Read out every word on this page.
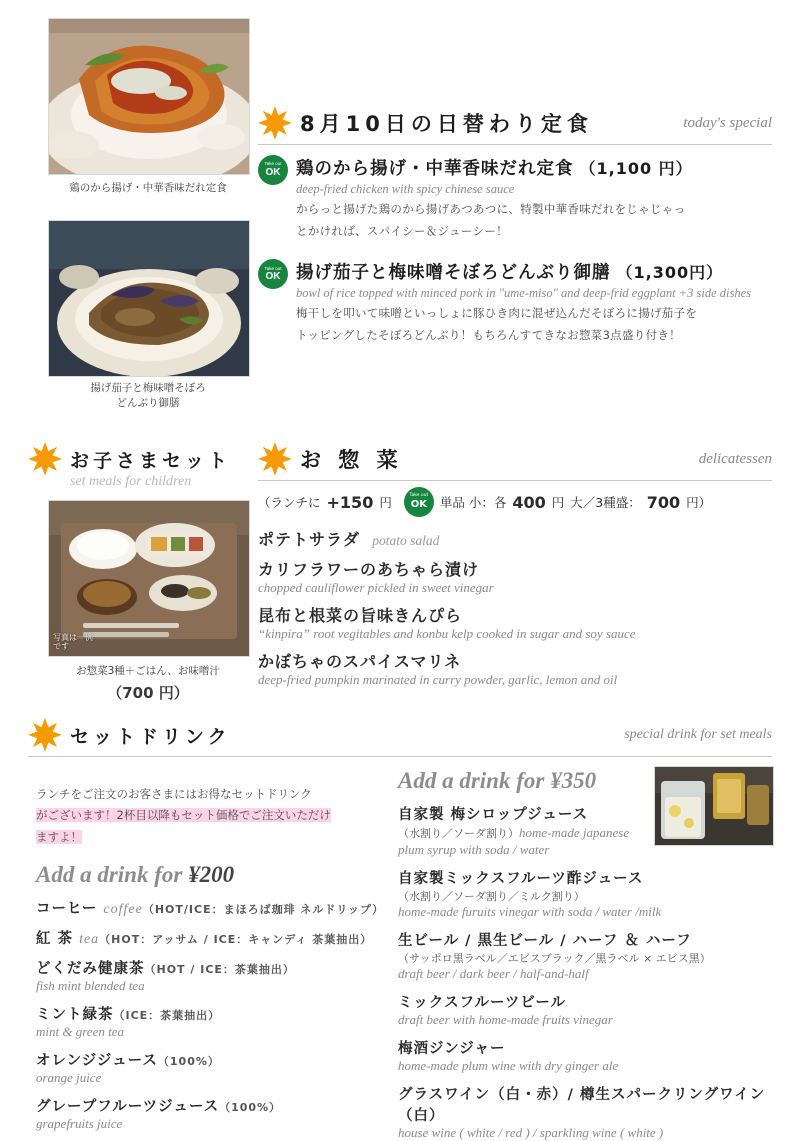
鶏のから揚げ・中華香味だれ定食
揚げ茄子と梅味噌そぼろ
どんぶり御膳
8月10日の日替わり定食	today's special
Take out
OK 鶏のから揚げ・中華香味だれ定食 （1,100 円）
deep-fried chicken with spicy chinese sauce
からっと揚げた鶏のから揚げあつあつに、特製中華香味だれをじゃじゃっ
とかければ、スパイシー＆ジューシー！
Take out
OK 揚げ茄子と梅味噌そぼろどんぶり御膳 （1,300円）
bowl of rice topped with minced pork in "ume-miso" and deep-frid eggplant +3 side dishes
梅干しを叩いて味噌といっしょに豚ひき肉に混ぜ込んだそぼろに揚げ茄子を
トッピングしたそぼろどんぶり！もちろんすてきなお惣菜3点盛り付き！
お子さまセット
set meals for children
写真は一例
です
お惣菜3種＋ごはん、お味噌汁
（700 円）
お 惣 菜	delicatessen
（ランチに +150 円	Take out
OK 単品 小：各 400 円 大／3種盛： 700 円）
ポテトサラダ potato salad
カリフラワーのあちゃら漬け
chopped cauliflower pickled in sweet vinegar
昆布と根菜の旨味きんぴら
“kinpira” root vegitables and konbu kelp cooked in sugar and soy sauce
かぼちゃのスパイスマリネ
deep-fried pumpkin marinated in curry powder, garlic, lemon and oil
セットドリンク	special drink for set meals
ランチをご注文のお客さまにはお得なセットドリンク
がございます！2杯目以降もセット価格でご注文いただけ
ますよ！
Add a drink for ¥200
コーヒー coffee（HOT/ICE：まほろば珈琲 ネルドリップ）
紅 茶 tea（HOT：アッサム / ICE：キャンディ 茶葉抽出）
どくだみ健康茶（HOT / ICE：茶葉抽出）
fish mint blended tea
ミント緑茶（ICE：茶葉抽出）
mint & green tea
オレンジジュース（100%）
orange juice
グレープフルーツジュース（100%）
grapefruits juice
Add a drink for ¥350
自家製 梅シロップジュース
（水割り／ソーダ割り）home-made japanese
plum syrup with soda / water
自家製ミックスフルーツ酢ジュース
（水割り／ソーダ割り／ミルク割り）
home-made furuits vinegar with soda / water /milk
生ビール / 黒生ビール / ハーフ ＆ ハーフ
（サッポロ黒ラベル／エビスブラック／黒ラベル × エビス黒）
draft beer / dark beer / half-and-half
ミックスフルーツビール
draft beer with home-made fruits vinegar
梅酒ジンジャー
home-made plum wine with dry ginger ale
グラスワイン（白・赤）/ 樽生スパークリングワイン（白）
house wine ( white / red ) / sparkling wine ( white )
